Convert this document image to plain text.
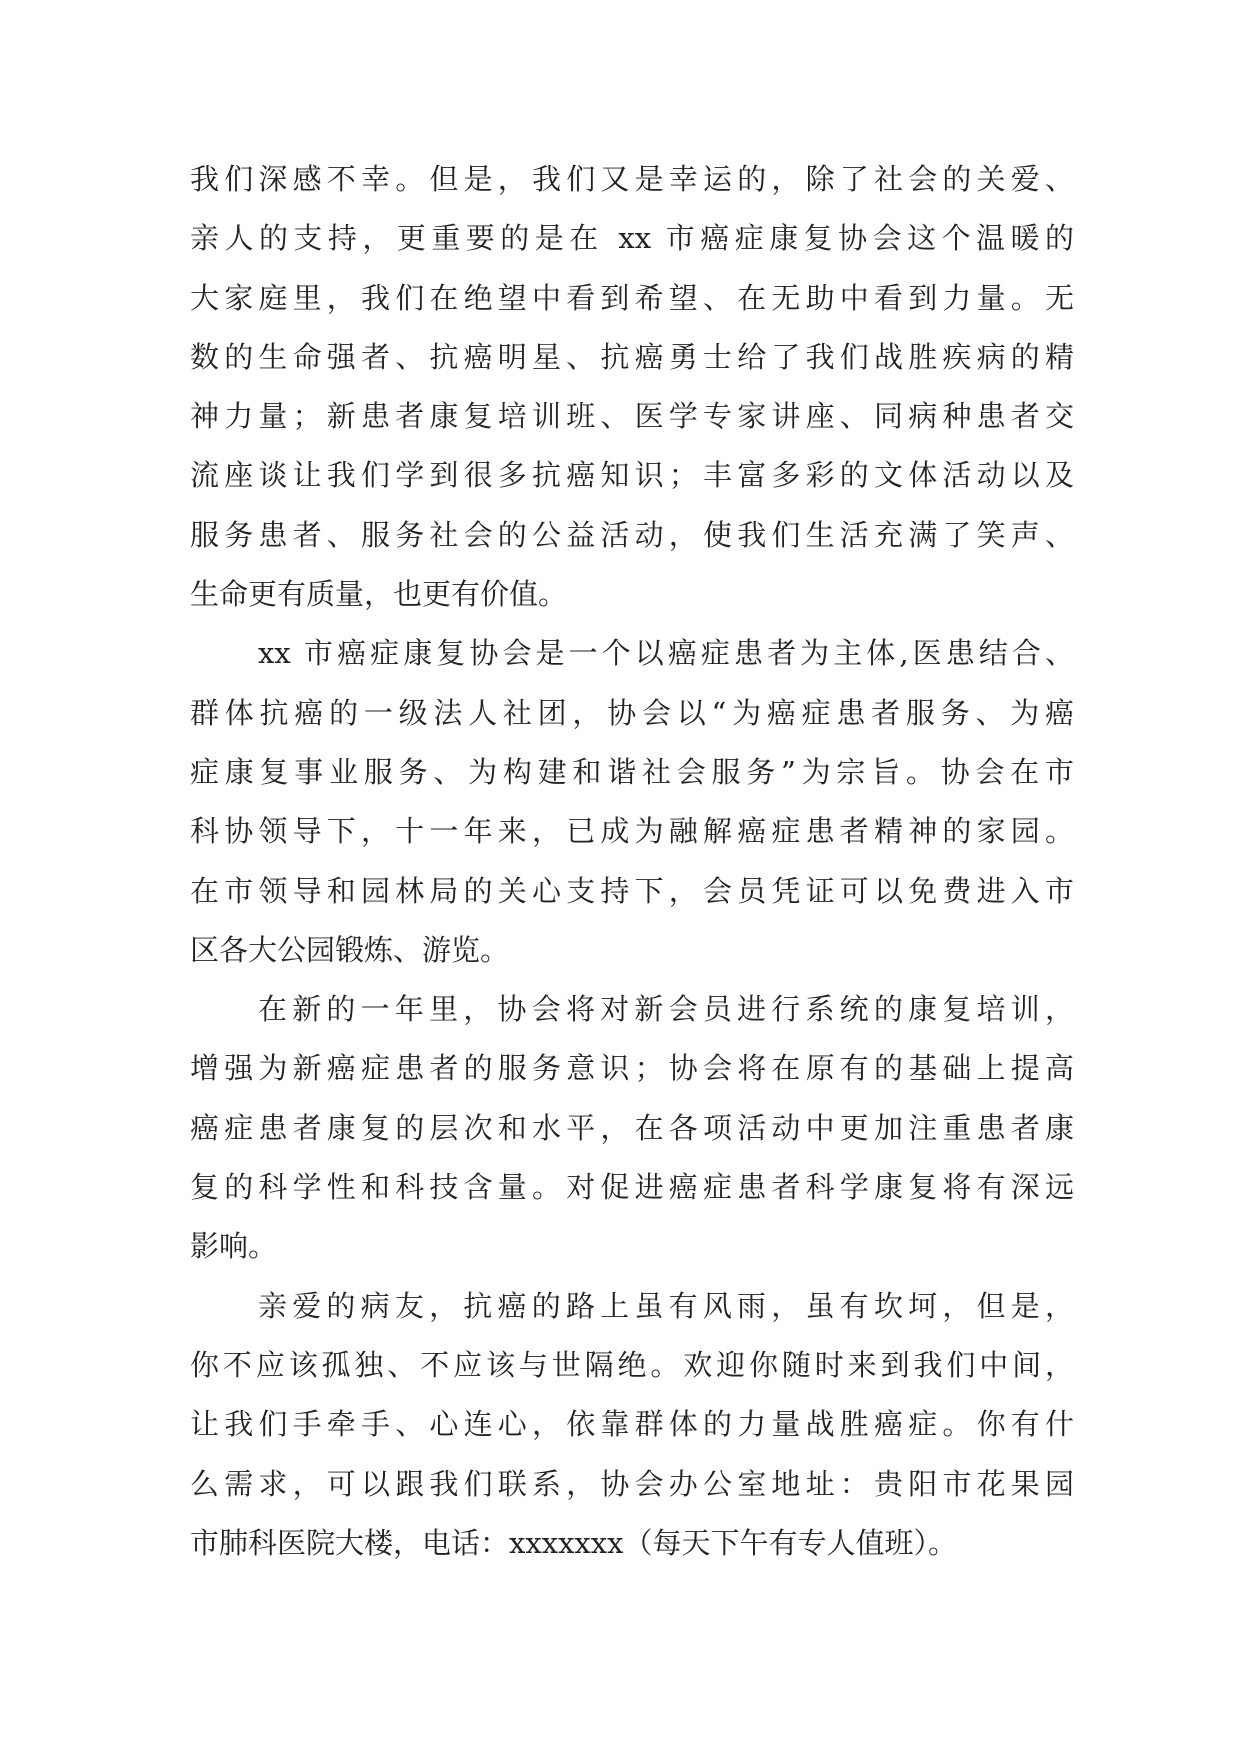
我们深感不幸。但是，我们又是幸运的，除了社会的关爱、
亲人的支持，更重要的是在 xx 市癌症康复协会这个温暖的
大家庭里，我们在绝望中看到希望、在无助中看到力量。无
数的生命强者、抗癌明星、抗癌勇士给了我们战胜疾病的精
神力量；新患者康复培训班、医学专家讲座、同病种患者交
流座谈让我们学到很多抗癌知识；丰富多彩的文体活动以及
服务患者、服务社会的公益活动，使我们生活充满了笑声、
生命更有质量，也更有价值。
xx 市癌症康复协会是一个以癌症患者为主体,医患结合、
群体抗癌的一级法人社团，协会以“为癌症患者服务、为癌
症康复事业服务、为构建和谐社会服务”为宗旨。协会在市
科协领导下，十一年来，已成为融解癌症患者精神的家园。
在市领导和园林局的关心支持下，会员凭证可以免费进入市
区各大公园锻炼、游览。
在新的一年里，协会将对新会员进行系统的康复培训，
增强为新癌症患者的服务意识；协会将在原有的基础上提高
癌症患者康复的层次和水平，在各项活动中更加注重患者康
复的科学性和科技含量。对促进癌症患者科学康复将有深远
影响。
亲爱的病友，抗癌的路上虽有风雨，虽有坎坷，但是，
你不应该孤独、不应该与世隔绝。欢迎你随时来到我们中间，
让我们手牵手、心连心，依靠群体的力量战胜癌症。你有什
么需求，可以跟我们联系，协会办公室地址：贵阳市花果园
市肺科医院大楼，电话：xxxxxxx（每天下午有专人值班）。
